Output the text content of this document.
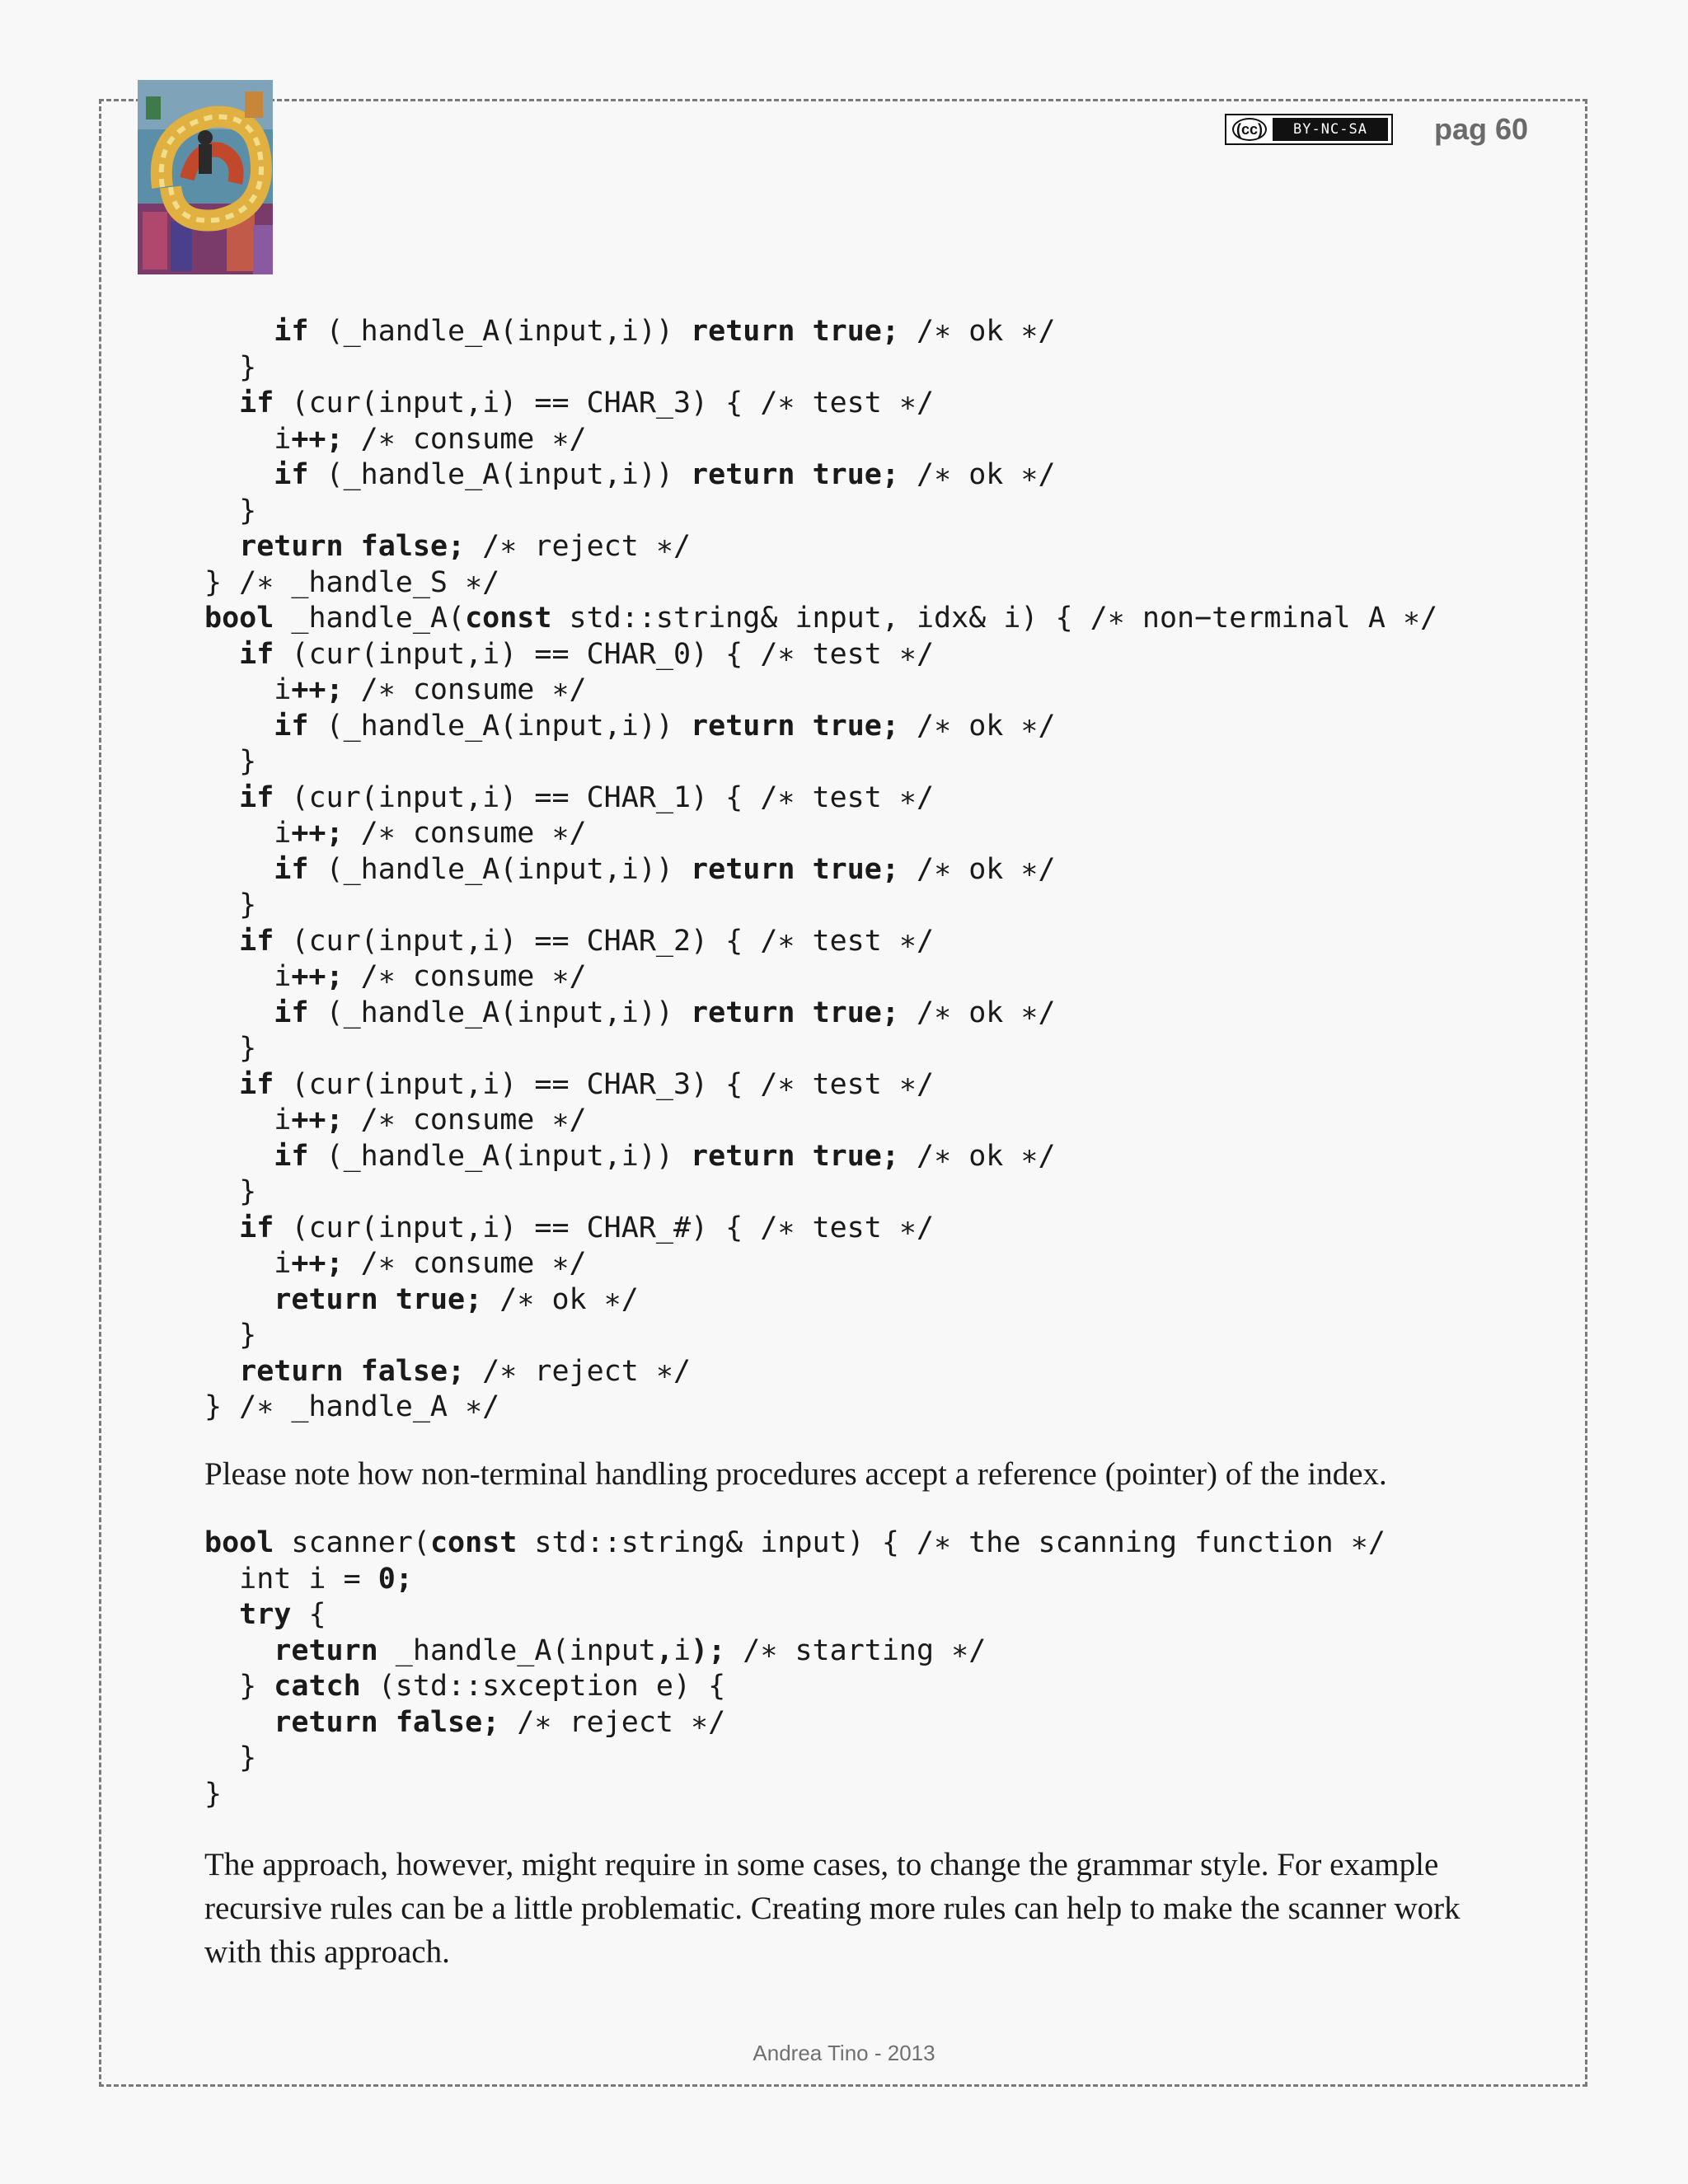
(cc)	BY-NC-SA	pag 60
if (_handle_A(input,i)) return true; /∗ ok ∗/
}
if (cur(input,i) == CHAR_3) { /∗ test ∗/
i++; /∗ consume ∗/
if (_handle_A(input,i)) return true; /∗ ok ∗/
}
return false; /∗ reject ∗/
} /∗ _handle_S ∗/
bool _handle_A(const std::string& input, idx& i) { /∗ non−terminal A ∗/
if (cur(input,i) == CHAR_0) { /∗ test ∗/
i++; /∗ consume ∗/
if (_handle_A(input,i)) return true; /∗ ok ∗/
}
if (cur(input,i) == CHAR_1) { /∗ test ∗/
i++; /∗ consume ∗/
if (_handle_A(input,i)) return true; /∗ ok ∗/
}
if (cur(input,i) == CHAR_2) { /∗ test ∗/
i++; /∗ consume ∗/
if (_handle_A(input,i)) return true; /∗ ok ∗/
}
if (cur(input,i) == CHAR_3) { /∗ test ∗/
i++; /∗ consume ∗/
if (_handle_A(input,i)) return true; /∗ ok ∗/
}
if (cur(input,i) == CHAR_#) { /∗ test ∗/
i++; /∗ consume ∗/
return true; /∗ ok ∗/
}
return false; /∗ reject ∗/
} /∗ _handle_A ∗/

Please note how non-terminal handling procedures accept a reference (pointer) of the index.

bool scanner(const std::string& input) { /∗ the scanning function ∗/
int i = 0;
try {
return _handle_A(input,i); /∗ starting ∗/
} catch (std::sxception e) {
return false; /∗ reject ∗/
}
}

The approach, however, might require in some cases, to change the grammar style. For example recursive rules can be a little problematic. Creating more rules can help to make the scanner work with this approach.

Andrea Tino - 2013
